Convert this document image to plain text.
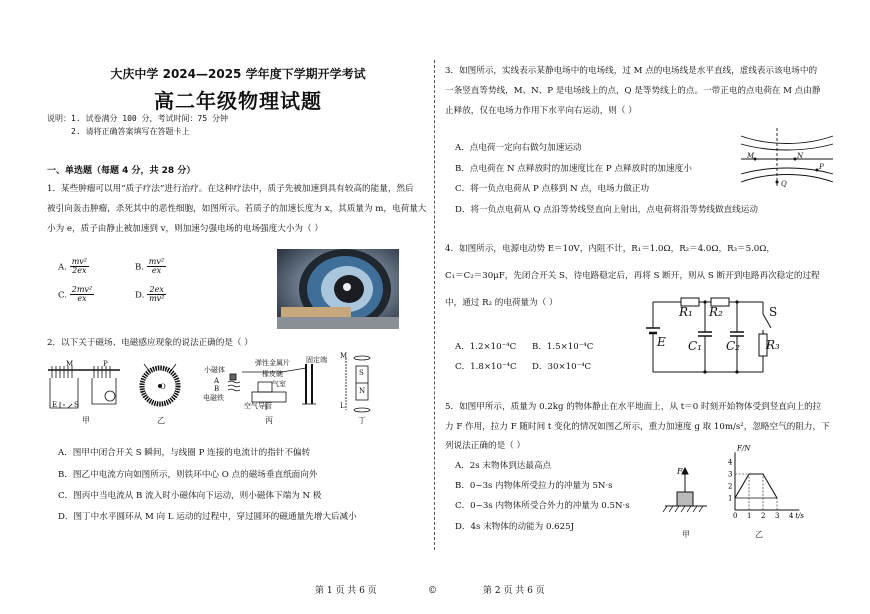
大庆中学 2024—2025 学年度下学期开学考试
高二年级物理试题
说明：1. 试卷满分 100 分，考试时间：75 分钟
2. 请将正确答案填写在答题卡上
一、单选题（每题 4 分，共 28 分）
1．某些肿瘤可以用“质子疗法”进行治疗。在这种疗法中，质子先被加速到具有较高的能量，然后
被引向轰击肿瘤，杀死其中的恶性细胞，如图所示。若质子的加速长度为 x，其质量为 m，电荷量大
小为 e，质子由静止被加速到 v，则加速匀强电场的电场强度大小为（ ）
A. $\frac{\text{mv²}}{2ex}$	B. $\frac{\text{mv²}}{ex}$
C. $\frac{\text{2mv²}}{ex}$	D. $\frac{2ex}{\text{mv²}}$
2．以下关于磁场、电磁感应现象的说法正确的是（ ）
M	P
E S
甲
O
乙
小磁体
弹性金属片 固定端
橡皮碗
A
B
气室
电磁铁
空气导管
丙
M
S
N
L
丁
A．图甲中闭合开关 S 瞬间，与线圈 P 连接的电流计的指针不偏转
B．图乙中电流方向如图所示，则铁环中心 O 点的磁场垂直纸面向外
C．图丙中当电流从 B 流入时小磁体向下运动，则小磁体下端为 N 极
D．图丁中水平圆环从 M 向 L 运动的过程中，穿过圆环的磁通量先增大后减小
第 1 页 共 6 页	©
3．如图所示，实线表示某静电场中的电场线，过 M 点的电场线是水平直线，虚线表示该电场中的
一条竖直等势线，M、N、P 是电场线上的点，Q 是等势线上的点。一带正电的点电荷在 M 点由静
止释放，仅在电场力作用下水平向右运动，则（ ）
A．点电荷一定向右做匀加速运动
B．点电荷在 N 点释放时的加速度比在 P 点释放时的加速度小
C．将一负点电荷从 P 点移到 N 点，电场力做正功
D．将一负点电荷从 Q 点沿等势线竖直向上射出，点电荷将沿等势线做直线运动
M	N
P
Q
4．如图所示，电源电动势 E＝10V，内阻不计，R₁＝1.0Ω，R₂＝4.0Ω，R₃＝5.0Ω，
C₁＝C₂＝30μF，先闭合开关 S，待电路稳定后，再将 S 断开，则从 S 断开到电路再次稳定的过程
中，通过 R₂ 的电荷量为（ ）
A．1.2×10⁻⁴C B．1.5×10⁻⁴C
C．1.8×10⁻⁴C D．30×10⁻⁴C
R₁ R₂
E C₁ C₂
S
R₃
5．如图甲所示，质量为 0.2kg 的物体静止在水平地面上，从 t＝0 时刻开始物体受到竖直向上的拉
力 F 作用，拉力 F 随时间 t 变化的情况如图乙所示，重力加速度 g 取 10m/s²，忽略空气的阻力，下
列说法正确的是（ ）
A．2s 末物体到达最高点
B．0~3s 内物体所受拉力的冲量为 5N·s
C．0~3s 内物体所受合外力的冲量为 0.5N·s
D．4s 末物体的动能为 0.625J
F
甲
F/N
t/s
0 1 2 3 4
1
2
3
4
乙
第 2 页 共 6 页
